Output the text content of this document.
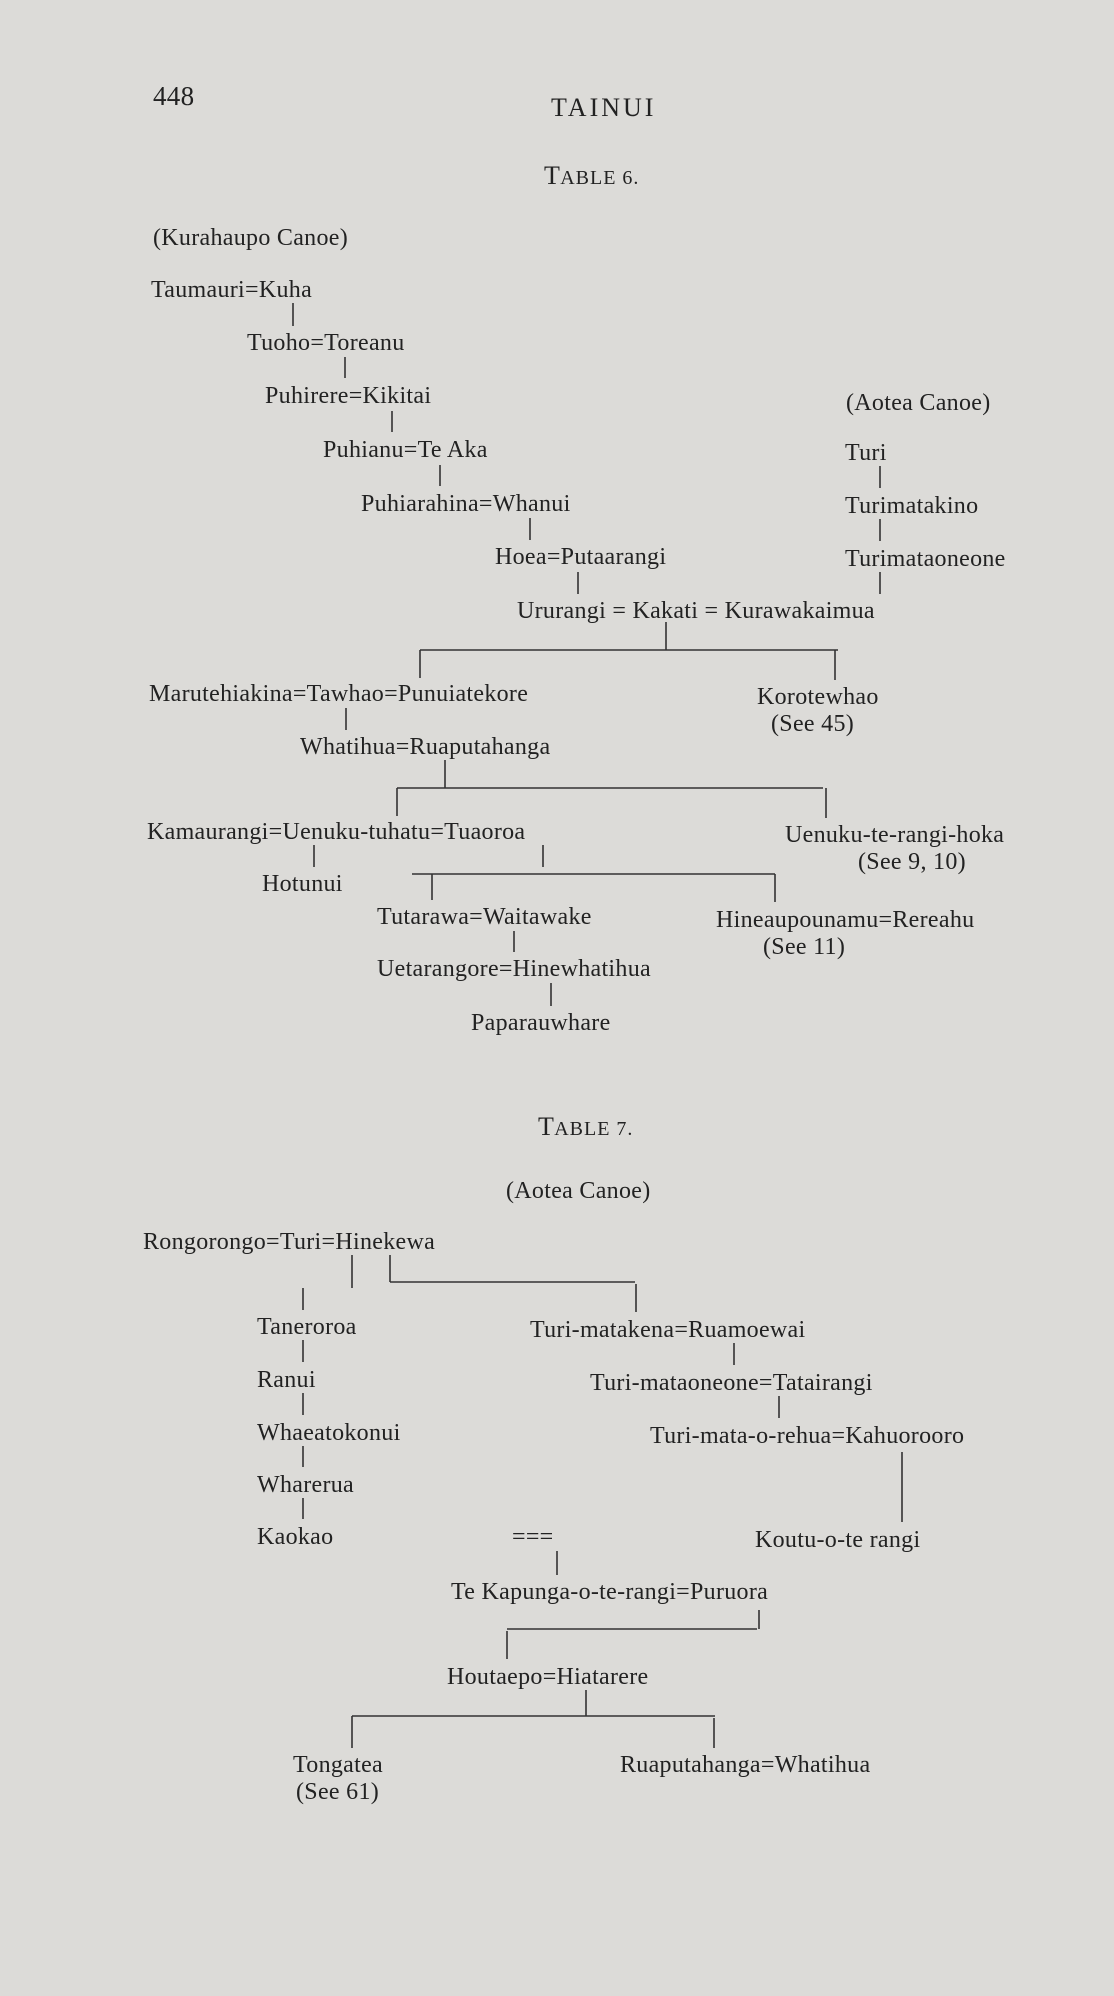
448	TAINUI
TABLE 6.
(Kurahaupo Canoe)
(Aotea Canoe)
Taumauri=Kuha
Tuoho=Toreanu
Puhirere=Kikitai
Puhianu=Te Aka
Puhiarahina=Whanui
Hoea=Putaarangi
Ururangi = Kakati = Kurawakaimua
Turi
Turimatakino
Turimataoneone
Marutehiakina=Tawhao=Punuiatekore	Korotewhao
(See 45)
Whatihua=Ruaputahanga
Kamaurangi=Uenuku-tuhatu=Tuaoroa	Uenuku-te-rangi-hoka
(See 9, 10)
Hotunui
Tutarawa=Waitawake	Hineaupounamu=Rereahu
(See 11)
Uetarangore=Hinewhatihua
Paparauwhare
TABLE 7.
(Aotea Canoe)
Rongorongo=Turi=Hinekewa
Taneroroa
Ranui
Whaeatokonui
Wharerua
Kaokao
Turi-matakena=Ruamoewai
Turi-mataoneone=Tatairangi
Turi-mata-o-rehua=Kahuorooro
Koutu-o-te rangi
===
Te Kapunga-o-te-rangi=Puruora
Houtaepo=Hiatarere
Tongatea
(See 61)
Ruaputahanga=Whatihua
